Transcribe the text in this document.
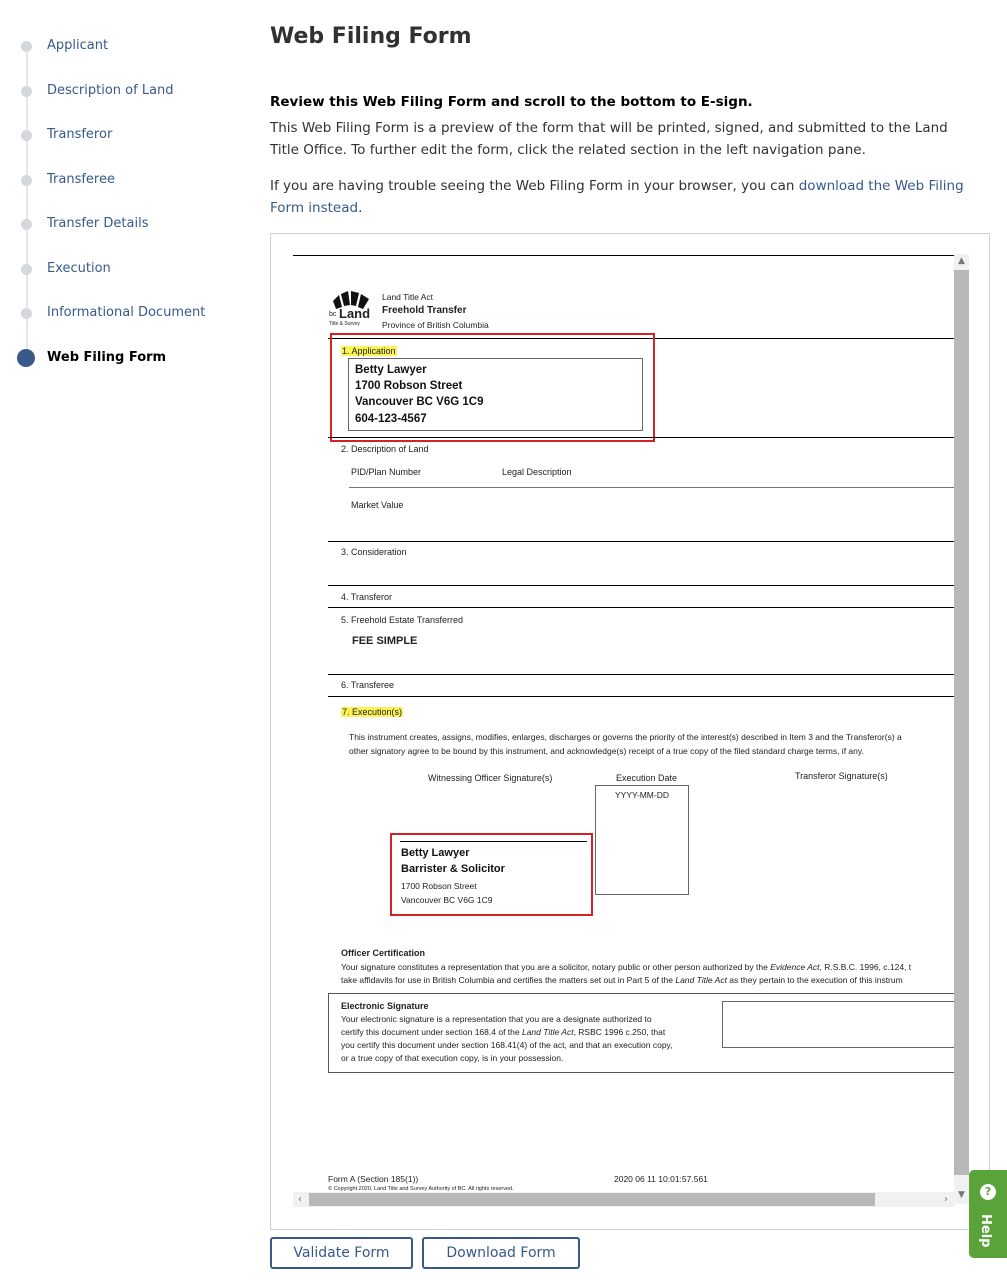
Applicant
Description of Land
Transferor
Transferee
Transfer Details
Execution
Informational Document
Web Filing Form
Web Filing Form

Review this Web Filing Form and scroll to the bottom to E-sign.

This Web Filing Form is a preview of the form that will be printed, signed, and submitted to the Land Title Office. To further edit the form, click the related section in the left navigation pane.

If you are having trouble seeing the Web Filing Form in your browser, you can download the Web Filing Form instead.

bc Land
Title & Survey
Land Title Act
Freehold Transfer
Province of British Columbia
1. Application
Betty Lawyer
1700 Robson Street
Vancouver BC V6G 1C9
604-123-4567
2. Description of Land
PID/Plan Number	Legal Description
Market Value
3. Consideration
4. Transferor
5. Freehold Estate Transferred
FEE SIMPLE
6. Transferee
7. Execution(s)
This instrument creates, assigns, modifies, enlarges, discharges or governs the priority of the interest(s) described in Item 3 and the Transferor(s) a
other signatory agree to be bound by this instrument, and acknowledge(s) receipt of a true copy of the filed standard charge terms, if any.
Witnessing Officer Signature(s)	Execution Date	Transferor Signature(s)
YYYY-MM-DD
Betty Lawyer
Barrister & Solicitor
1700 Robson Street
Vancouver BC V6G 1C9
Officer Certification
Your signature constitutes a representation that you are a solicitor, notary public or other person authorized by the Evidence Act, R.S.B.C. 1996, c.124, t
take affidavits for use in British Columbia and certifies the matters set out in Part 5 of the Land Title Act as they pertain to the execution of this instrum
Electronic Signature
Your electronic signature is a representation that you are a designate authorized to
certify this document under section 168.4 of the Land Title Act, RSBC 1996 c.250, that
you certify this document under section 168.41(4) of the act, and that an execution copy,
or a true copy of that execution copy, is in your possession.
Form A (Section 185(1))
© Copyright 2020, Land Title and Survey Authority of BC. All rights reserved.
2020 06 11 10:01:57.561
▲
▼
‹	›
Validate Form	Download Form
?
Help
